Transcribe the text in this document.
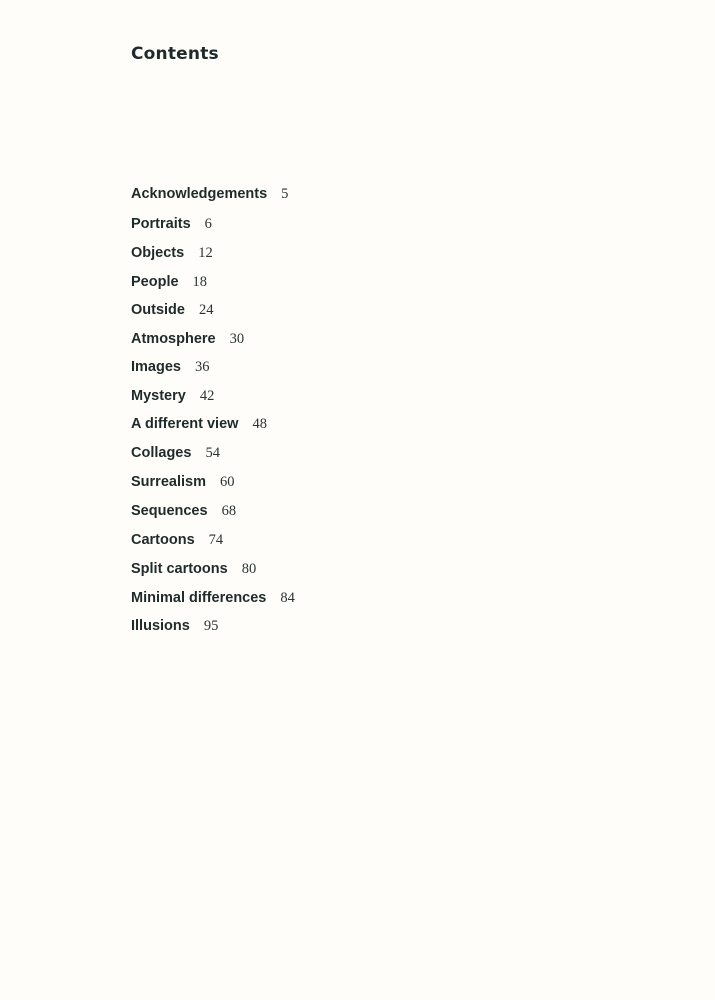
Contents
Acknowledgements 5
Portraits 6
Objects 12
People 18
Outside 24
Atmosphere 30
Images 36
Mystery 42
A different view 48
Collages 54
Surrealism 60
Sequences 68
Cartoons 74
Split cartoons 80
Minimal differences 84
Illusions 95
